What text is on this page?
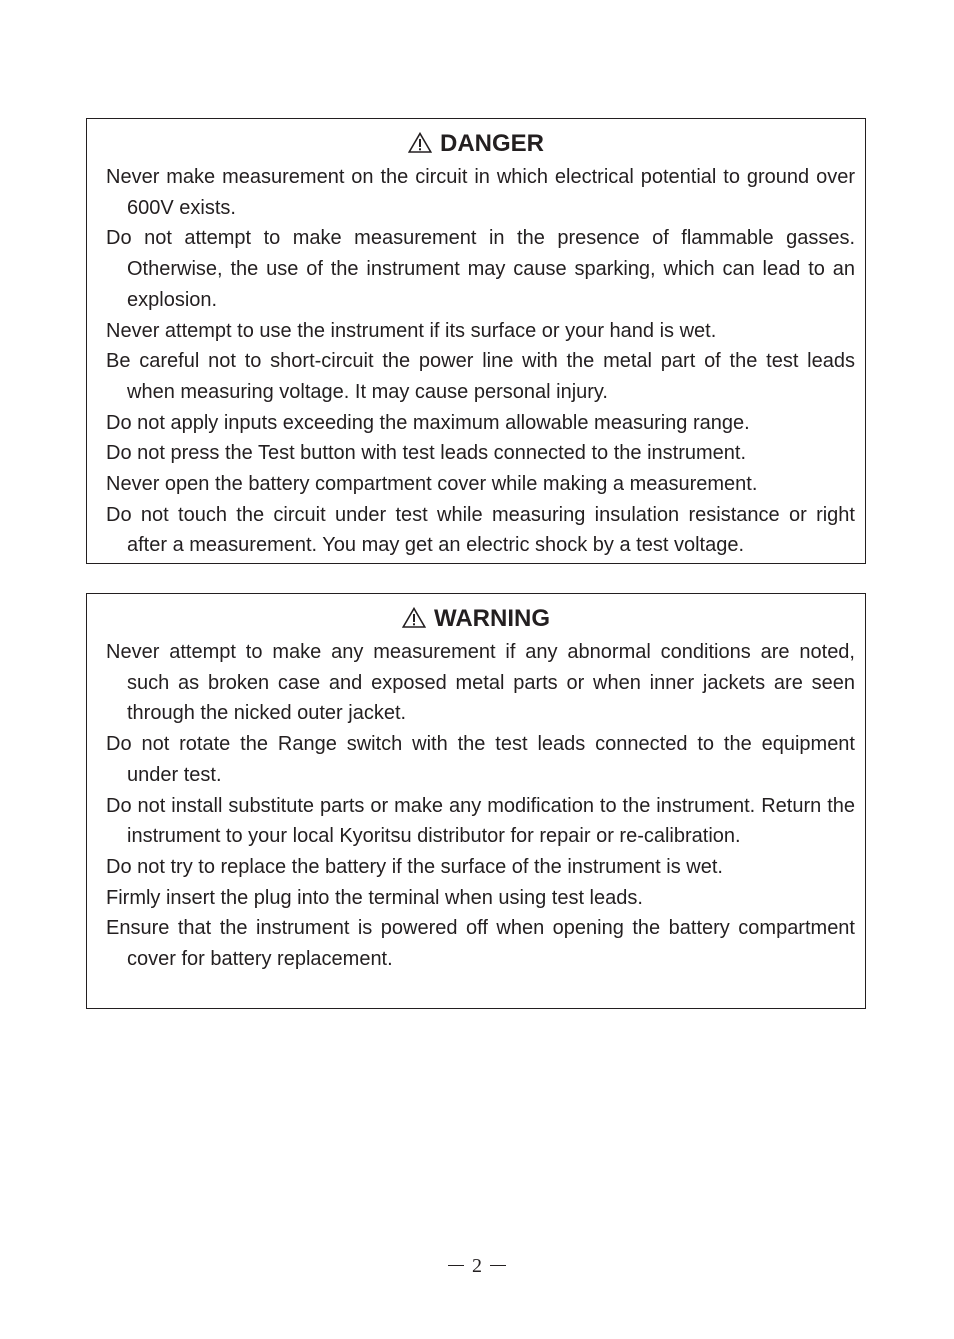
DANGER
Never make measurement on the circuit in which electrical potential to ground over 600V exists.
Do not attempt to make measurement in the presence of flammable gasses. Otherwise, the use of the instrument may cause sparking, which can lead to an explosion.
Never attempt to use the instrument if its surface or your hand is wet.
Be careful not to short-circuit the power line with the metal part of the test leads when measuring voltage. It may cause personal injury.
Do not apply inputs exceeding the maximum allowable measuring range.
Do not press the Test button with test leads connected to the instrument.
Never open the battery compartment cover while making a measurement.
Do not touch the circuit under test while measuring insulation resistance or right after a measurement. You may get an electric shock by a test voltage.
WARNING
Never attempt to make any measurement if any abnormal conditions are noted, such as broken case and exposed metal parts or when inner jackets are seen through the nicked outer jacket.
Do not rotate the Range switch with the test leads connected to the equipment under test.
Do not install substitute parts or make any modification to the instrument. Return the instrument to your local Kyoritsu distributor for repair or re-calibration.
Do not try to replace the battery if the surface of the instrument is wet.
Firmly insert the plug into the terminal when using test leads.
Ensure that the instrument is powered off when opening the battery compartment cover for battery replacement.
2
